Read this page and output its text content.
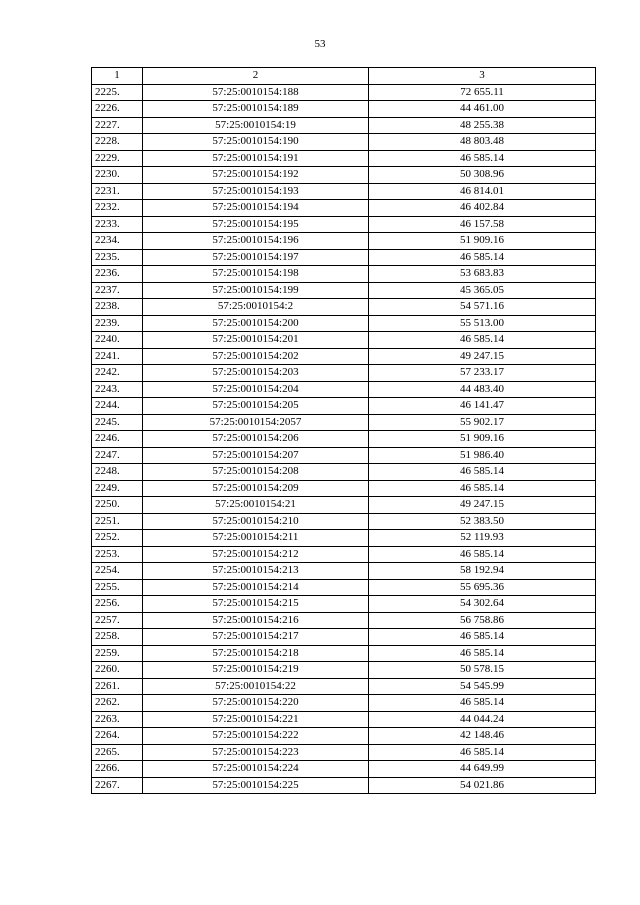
53
1	2	3
2225.	57:25:0010154:188	72 655.11
2226.	57:25:0010154:189	44 461.00
2227.	57:25:0010154:19	48 255.38
2228.	57:25:0010154:190	48 803.48
2229.	57:25:0010154:191	46 585.14
2230.	57:25:0010154:192	50 308.96
2231.	57:25:0010154:193	46 814.01
2232.	57:25:0010154:194	46 402.84
2233.	57:25:0010154:195	46 157.58
2234.	57:25:0010154:196	51 909.16
2235.	57:25:0010154:197	46 585.14
2236.	57:25:0010154:198	53 683.83
2237.	57:25:0010154:199	45 365.05
2238.	57:25:0010154:2	54 571.16
2239.	57:25:0010154:200	55 513.00
2240.	57:25:0010154:201	46 585.14
2241.	57:25:0010154:202	49 247.15
2242.	57:25:0010154:203	57 233.17
2243.	57:25:0010154:204	44 483.40
2244.	57:25:0010154:205	46 141.47
2245.	57:25:0010154:2057	55 902.17
2246.	57:25:0010154:206	51 909.16
2247.	57:25:0010154:207	51 986.40
2248.	57:25:0010154:208	46 585.14
2249.	57:25:0010154:209	46 585.14
2250.	57:25:0010154:21	49 247.15
2251.	57:25:0010154:210	52 383.50
2252.	57:25:0010154:211	52 119.93
2253.	57:25:0010154:212	46 585.14
2254.	57:25:0010154:213	58 192.94
2255.	57:25:0010154:214	55 695.36
2256.	57:25:0010154:215	54 302.64
2257.	57:25:0010154:216	56 758.86
2258.	57:25:0010154:217	46 585.14
2259.	57:25:0010154:218	46 585.14
2260.	57:25:0010154:219	50 578.15
2261.	57:25:0010154:22	54 545.99
2262.	57:25:0010154:220	46 585.14
2263.	57:25:0010154:221	44 044.24
2264.	57:25:0010154:222	42 148.46
2265.	57:25:0010154:223	46 585.14
2266.	57:25:0010154:224	44 649.99
2267.	57:25:0010154:225	54 021.86
